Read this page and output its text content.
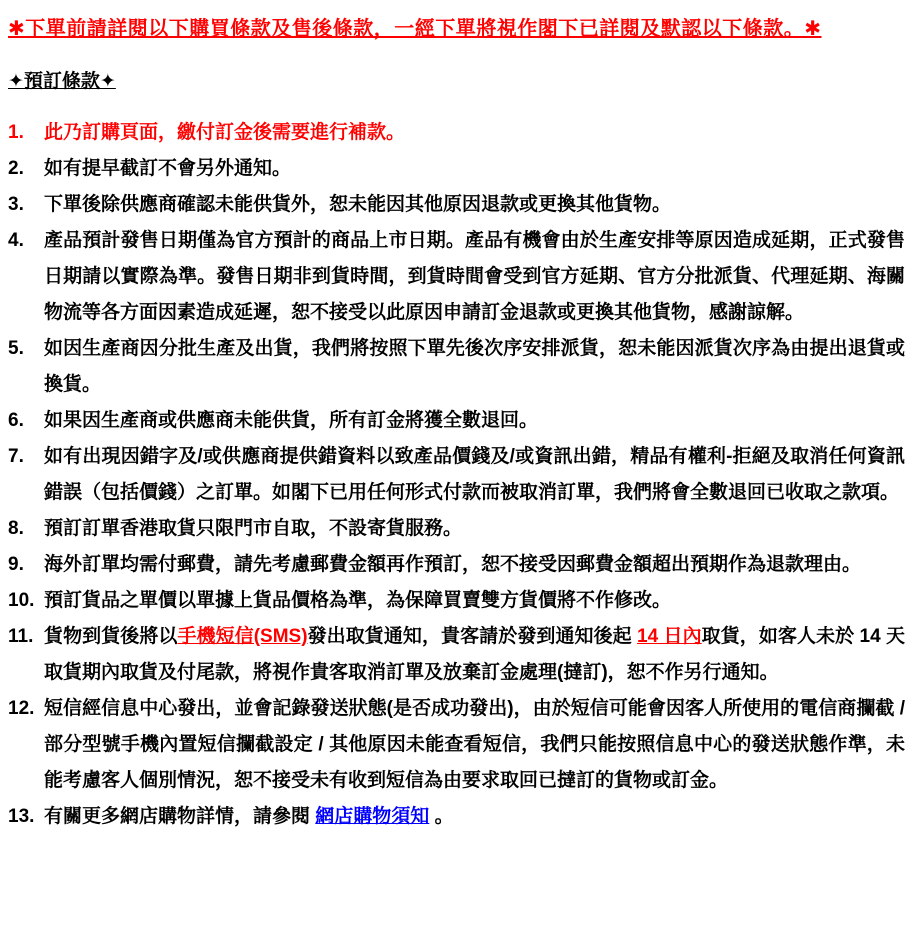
✱下單前請詳閱以下購買條款及售後條款，一經下單將視作閣下已詳閱及默認以下條款。✱
✦預訂條款✦
1.	此乃訂購頁面，繳付訂金後需要進行補款。
2.	如有提早截訂不會另外通知。
3.	下單後除供應商確認未能供貨外，恕未能因其他原因退款或更換其他貨物。
4.	產品預計發售日期僅為官方預計的商品上市日期。產品有機會由於生產安排等原因造成延期，正式發售日期請以實際為準。發售日期非到貨時間，到貨時間會受到官方延期、官方分批派貨、代理延期、海關物流等各方面因素造成延遲，恕不接受以此原因申請訂金退款或更換其他貨物，感謝諒解。
5.	如因生產商因分批生產及出貨，我們將按照下單先後次序安排派貨，恕未能因派貨次序為由提出退貨或換貨。
6.	如果因生產商或供應商未能供貨，所有訂金將獲全數退回。
7.	如有出現因錯字及/或供應商提供錯資料以致產品價錢及/或資訊出錯，精品有權利-拒絕及取消任何資訊錯誤（包括價錢）之訂單。如閣下已用任何形式付款而被取消訂單，我們將會全數退回已收取之款項。
8.	預訂訂單香港取貨只限門市自取，不設寄貨服務。
9.	海外訂單均需付郵費，請先考慮郵費金額再作預訂，恕不接受因郵費金額超出預期作為退款理由。
10. 預訂貨品之單價以單據上貨品價格為準，為保障買賣雙方貨價將不作修改。
11. 貨物到貨後將以手機短信(SMS)發出取貨通知，貴客請於發到通知後起 14 日內取貨，如客人未於 14 天取貨期內取貨及付尾款，將視作貴客取消訂單及放棄訂金處理(撻訂)，恕不作另行通知。
12. 短信經信息中心發出，並會記錄發送狀態(是否成功發出)，由於短信可能會因客人所使用的電信商攔截 / 部分型號手機內置短信攔截設定 / 其他原因未能查看短信，我們只能按照信息中心的發送狀態作準，未能考慮客人個別情況，恕不接受未有收到短信為由要求取回已撻訂的貨物或訂金。
13. 有關更多網店購物詳情，請參閱 網店購物須知 。
